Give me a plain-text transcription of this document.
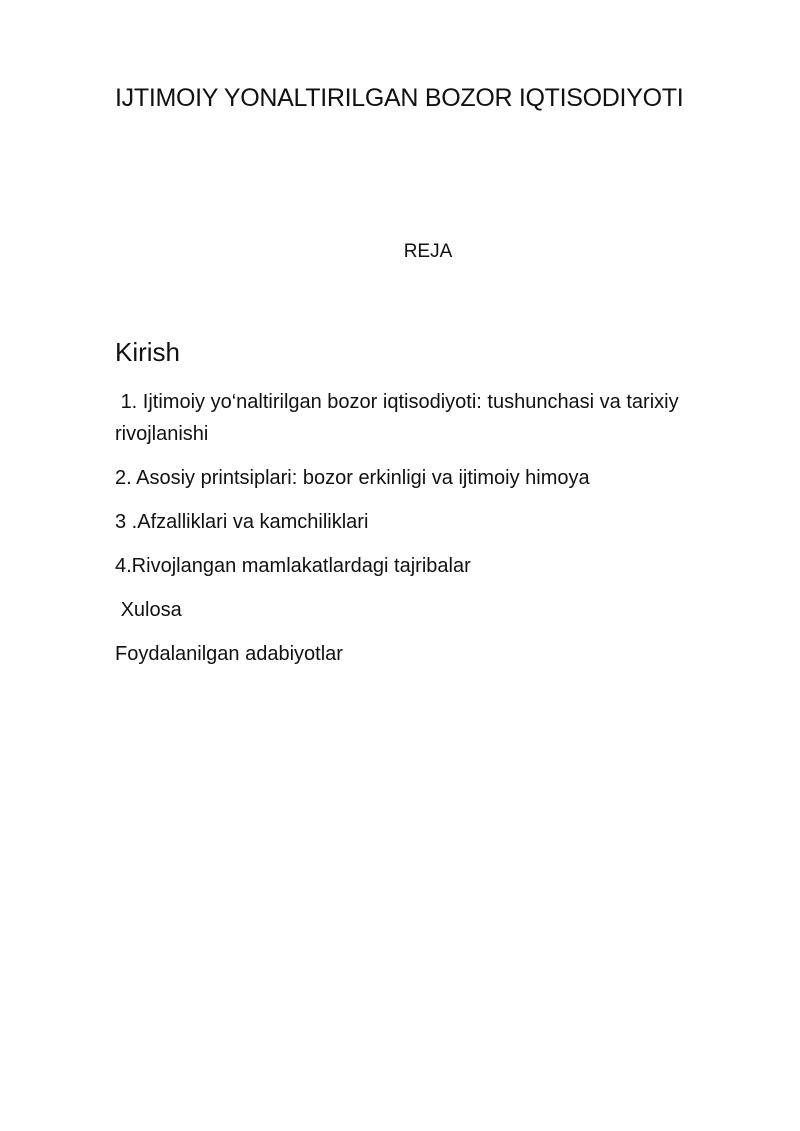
IJTIMOIY YONALTIRILGAN BOZOR IQTISODIYOTI
REJA
Kirish
1. Ijtimoiy yo‘naltirilgan bozor iqtisodiyoti: tushunchasi va tarixiy rivojlanishi
2. Asosiy printsiplari: bozor erkinligi va ijtimoiy himoya
3 .Afzalliklari va kamchiliklari
4.Rivojlangan mamlakatlardagi tajribalar
Xulosa
Foydalanilgan adabiyotlar
